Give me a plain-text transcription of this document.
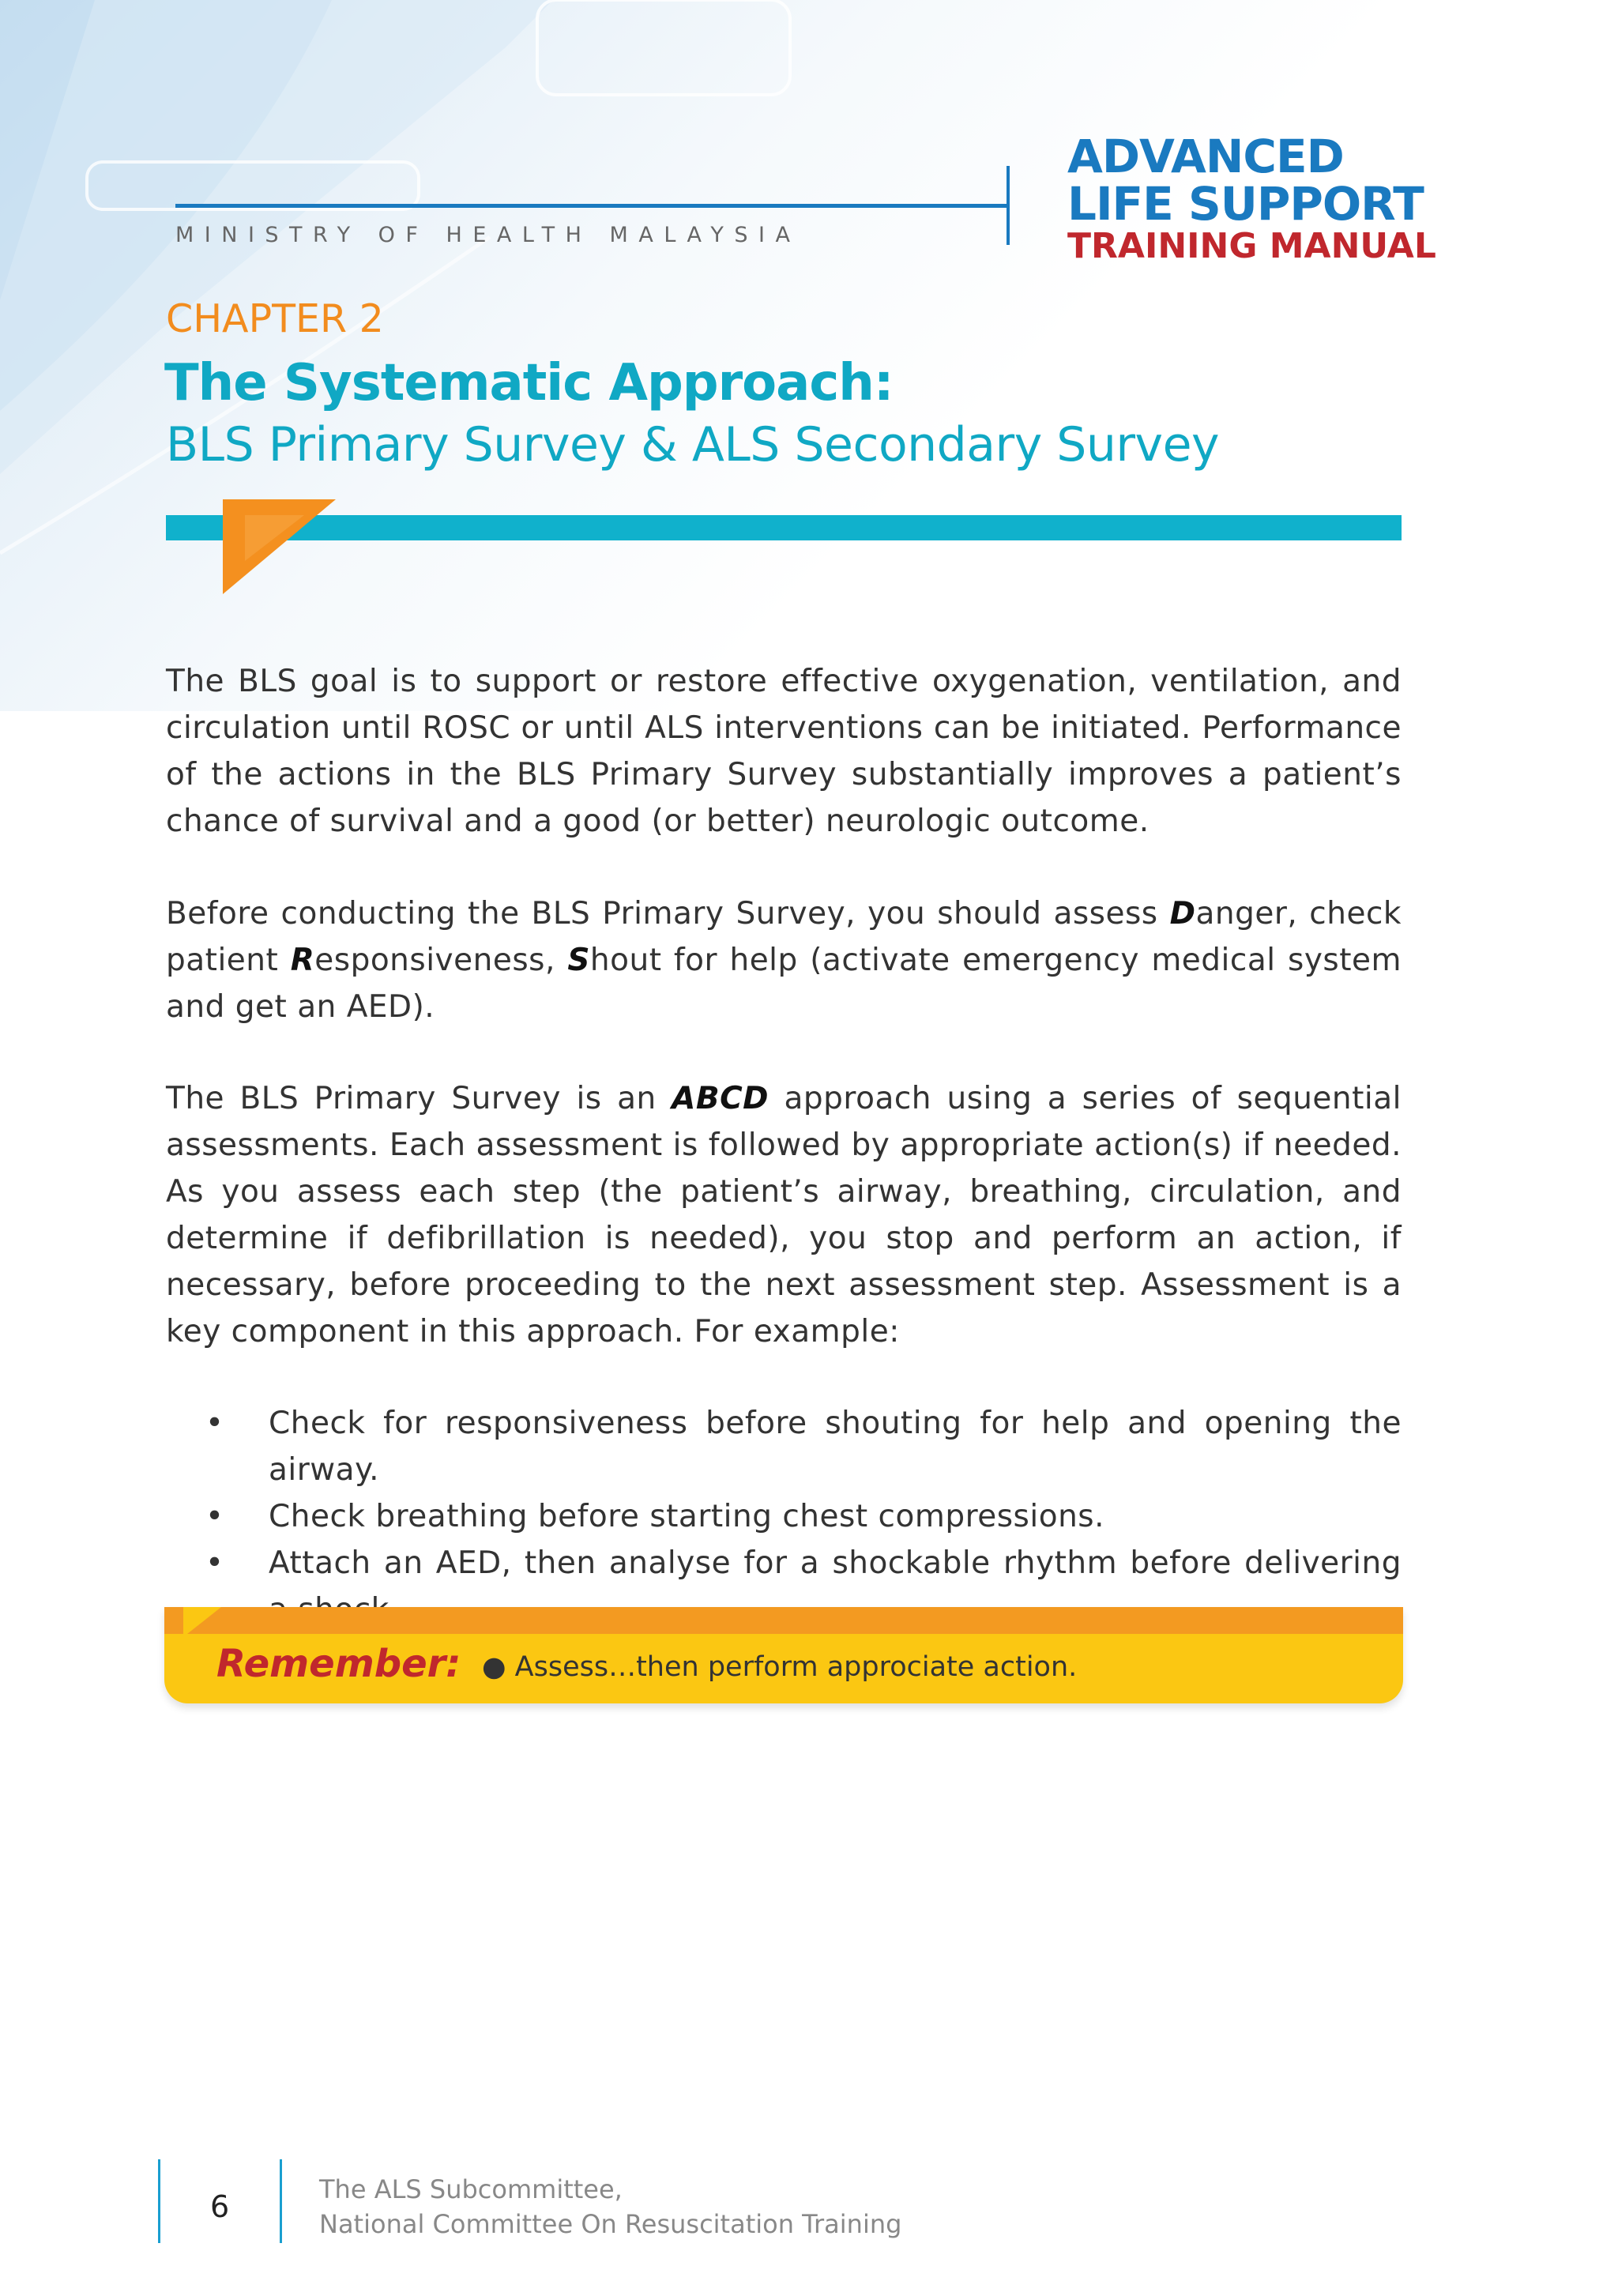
MINISTRY OF HEALTH MALAYSIA
ADVANCED
LIFE SUPPORT
TRAINING MANUAL
CHAPTER 2
The Systematic Approach:
BLS Primary Survey & ALS Secondary Survey
The BLS goal is to support or restore effective oxygenation, ventilation, and circulation until ROSC or until ALS interventions can be initiated. Performance of the actions in the BLS Primary Survey substantially improves a patient’s chance of survival and a good (or better) neurologic outcome.
Before conducting the BLS Primary Survey, you should assess Danger, check patient Responsiveness, Shout for help (activate emergency medical system and get an AED).
The BLS Primary Survey is an ABCD approach using a series of sequential assessments. Each assessment is followed by appropriate action(s) if needed. As you assess each step (the patient’s airway, breathing, circulation, and determine if defibrillation is needed), you stop and perform an action, if necessary, before proceeding to the next assessment step. Assessment is a key component in this approach. For example:
• Check for responsiveness before shouting for help and opening the airway.
• Check breathing before starting chest compressions.
• Attach an AED, then analyse for a shockable rhythm before delivering
Remember: ● Assess…then perform approciate action.
6	The ALS Subcommittee,
National Committee On Resuscitation Training
